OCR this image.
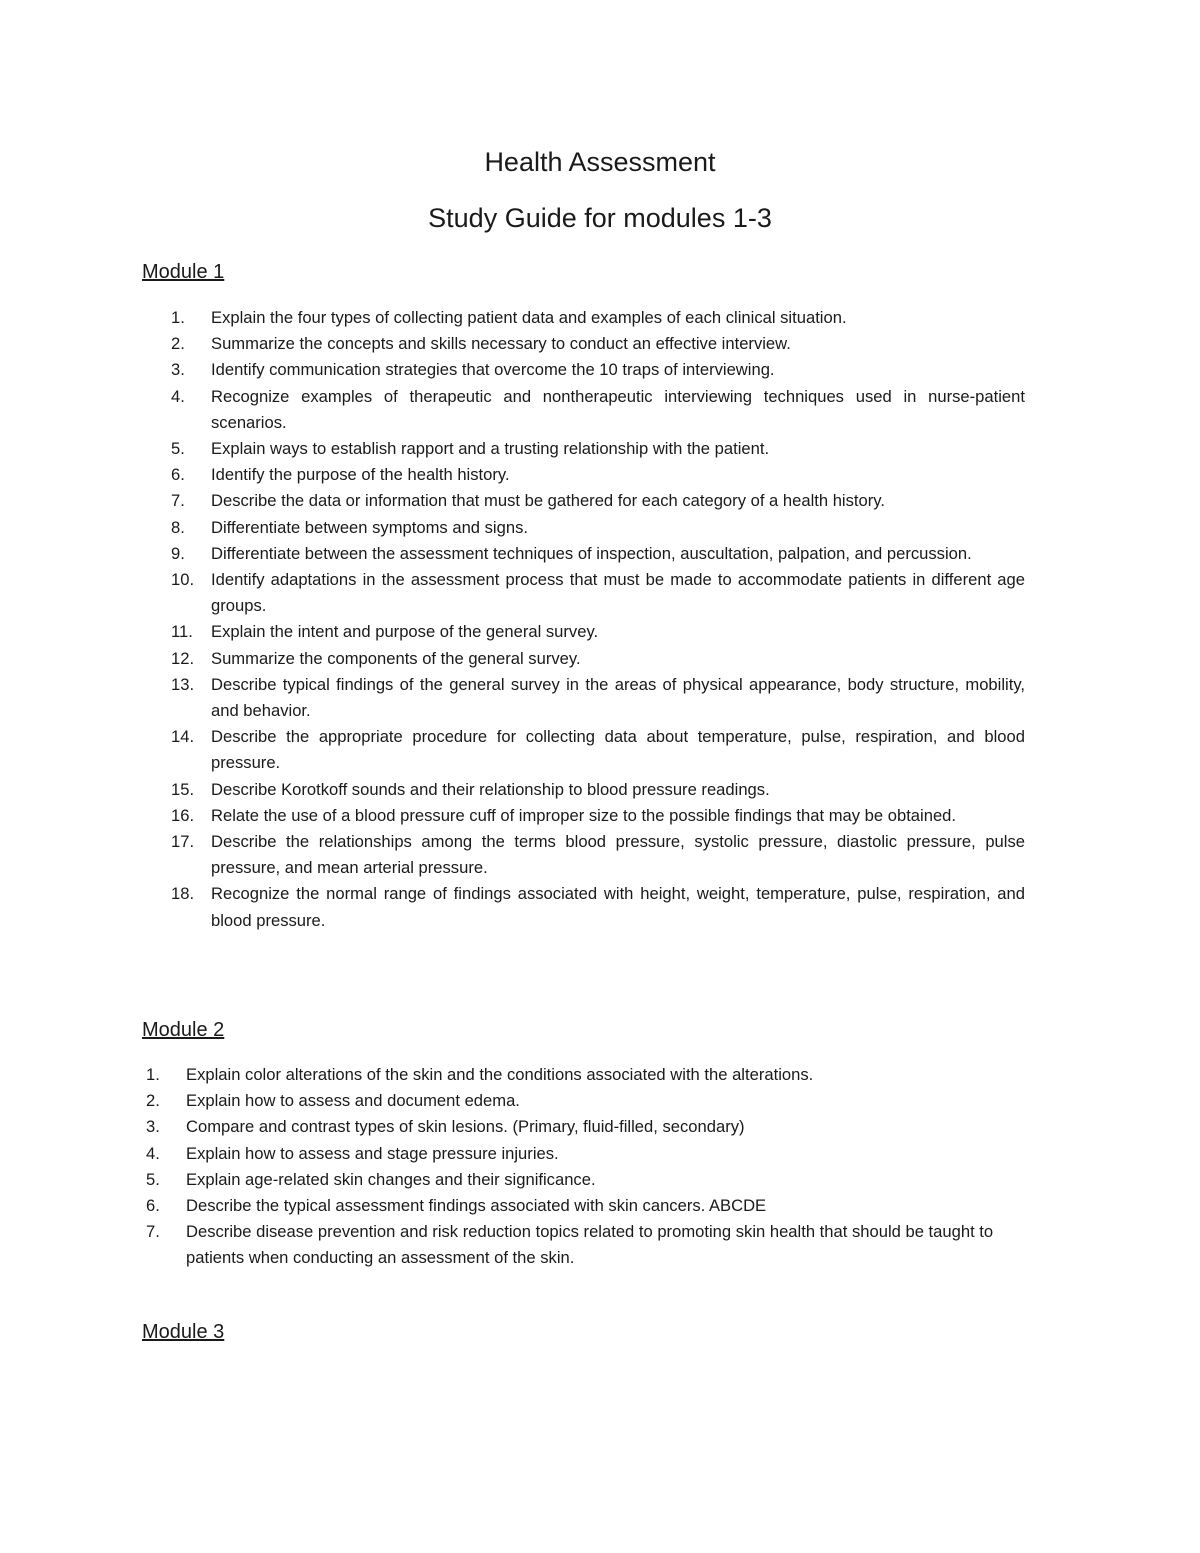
Health Assessment
Study Guide for modules 1-3
Module 1
1.	Explain the four types of collecting patient data and examples of each clinical situation.
2.	Summarize the concepts and skills necessary to conduct an effective interview.
3.	Identify communication strategies that overcome the 10 traps of interviewing.
4.	Recognize examples of therapeutic and nontherapeutic interviewing techniques used in nurse-patient scenarios.
5.	Explain ways to establish rapport and a trusting relationship with the patient.
6.	Identify the purpose of the health history.
7.	Describe the data or information that must be gathered for each category of a health history.
8.	Differentiate between symptoms and signs.
9.	Differentiate between the assessment techniques of inspection, auscultation, palpation, and percussion.
10.	Identify adaptations in the assessment process that must be made to accommodate patients in different age groups.
11.	Explain the intent and purpose of the general survey.
12.	Summarize the components of the general survey.
13.	Describe typical findings of the general survey in the areas of physical appearance, body structure, mobility, and behavior.
14.	Describe the appropriate procedure for collecting data about temperature, pulse, respiration, and blood pressure.
15.	Describe Korotkoff sounds and their relationship to blood pressure readings.
16.	Relate the use of a blood pressure cuff of improper size to the possible findings that may be obtained.
17.	Describe the relationships among the terms blood pressure, systolic pressure, diastolic pressure, pulse pressure, and mean arterial pressure.
18.	Recognize the normal range of findings associated with height, weight, temperature, pulse, respiration, and blood pressure.
Module 2
1.	Explain color alterations of the skin and the conditions associated with the alterations.
2.	Explain how to assess and document edema.
3.	Compare and contrast types of skin lesions. (Primary, fluid-filled, secondary)
4.	Explain how to assess and stage pressure injuries.
5.	Explain age-related skin changes and their significance.
6.	Describe the typical assessment findings associated with skin cancers. ABCDE
7.	Describe disease prevention and risk reduction topics related to promoting skin health that should be taught to patients when conducting an assessment of the skin.
Module 3
